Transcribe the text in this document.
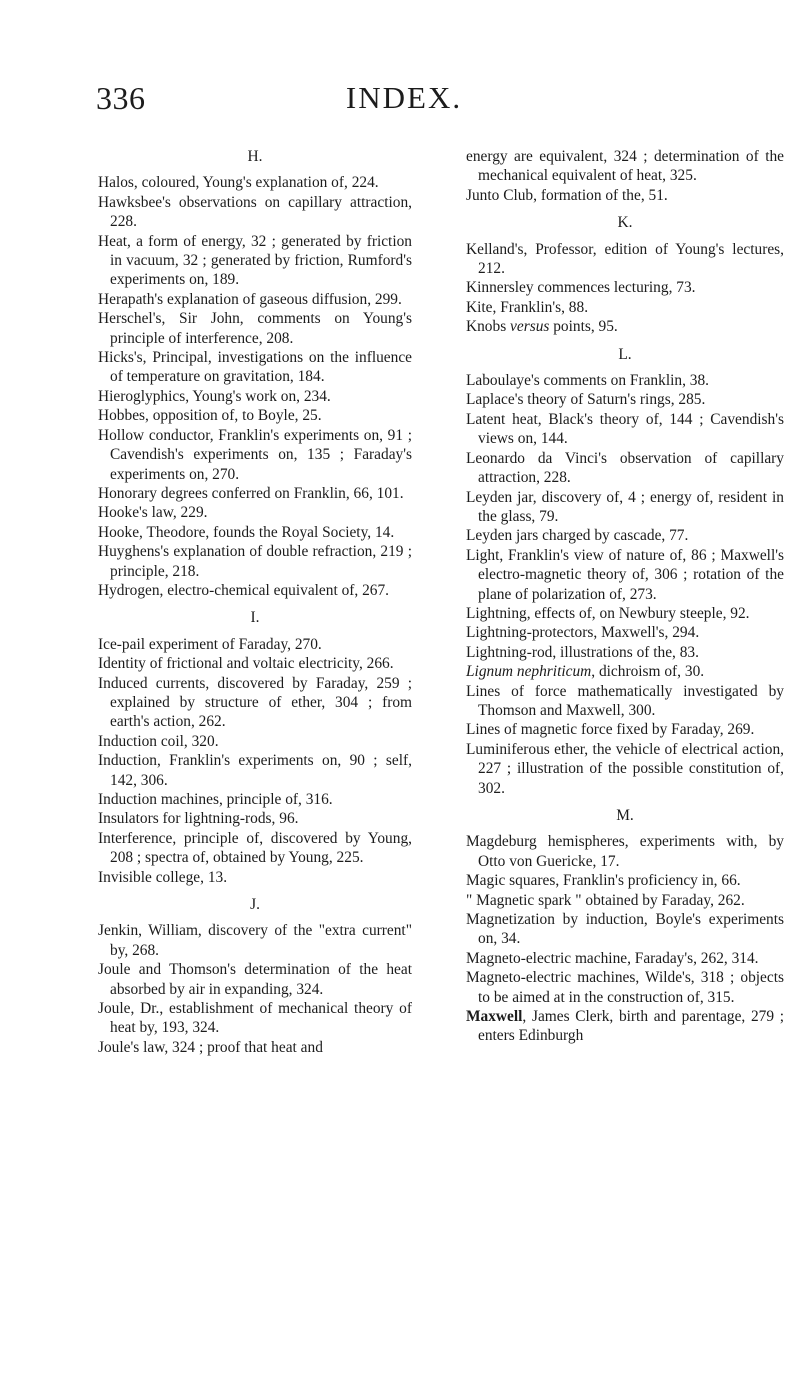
336	INDEX.
H.

Halos, coloured, Young's explanation of, 224.

Hawksbee's observations on capillary attraction, 228.

Heat, a form of energy, 32 ; generated by friction in vacuum, 32 ; generated by friction, Rumford's experiments on, 189.

Herapath's explanation of gaseous diffusion, 299.

Herschel's, Sir John, comments on Young's principle of interference, 208.

Hicks's, Principal, investigations on the influence of temperature on gravitation, 184.

Hieroglyphics, Young's work on, 234.

Hobbes, opposition of, to Boyle, 25.

Hollow conductor, Franklin's experiments on, 91 ; Cavendish's experiments on, 135 ; Faraday's experiments on, 270.

Honorary degrees conferred on Franklin, 66, 101.

Hooke's law, 229.

Hooke, Theodore, founds the Royal Society, 14.

Huyghens's explanation of double refraction, 219 ; principle, 218.

Hydrogen, electro-chemical equivalent of, 267.

I.

Ice-pail experiment of Faraday, 270.

Identity of frictional and voltaic electricity, 266.

Induced currents, discovered by Faraday, 259 ; explained by structure of ether, 304 ; from earth's action, 262.

Induction coil, 320.

Induction, Franklin's experiments on, 90 ; self, 142, 306.

Induction machines, principle of, 316.

Insulators for lightning-rods, 96.

Interference, principle of, discovered by Young, 208 ; spectra of, obtained by Young, 225.

Invisible college, 13.

J.

Jenkin, William, discovery of the "extra current" by, 268.

Joule and Thomson's determination of the heat absorbed by air in expanding, 324.

Joule, Dr., establishment of mechanical theory of heat by, 193, 324.

Joule's law, 324 ; proof that heat and

energy are equivalent, 324 ; determination of the mechanical equivalent of heat, 325.

Junto Club, formation of the, 51.

K.

Kelland's, Professor, edition of Young's lectures, 212.

Kinnersley commences lecturing, 73.

Kite, Franklin's, 88.

Knobs versus points, 95.

L.

Laboulaye's comments on Franklin, 38.

Laplace's theory of Saturn's rings, 285.

Latent heat, Black's theory of, 144 ; Cavendish's views on, 144.

Leonardo da Vinci's observation of capillary attraction, 228.

Leyden jar, discovery of, 4 ; energy of, resident in the glass, 79.

Leyden jars charged by cascade, 77.

Light, Franklin's view of nature of, 86 ; Maxwell's electro-magnetic theory of, 306 ; rotation of the plane of polarization of, 273.

Lightning, effects of, on Newbury steeple, 92.

Lightning-protectors, Maxwell's, 294.

Lightning-rod, illustrations of the, 83.

Lignum nephriticum, dichroism of, 30.

Lines of force mathematically investigated by Thomson and Maxwell, 300.

Lines of magnetic force fixed by Faraday, 269.

Luminiferous ether, the vehicle of electrical action, 227 ; illustration of the possible constitution of, 302.

M.

Magdeburg hemispheres, experiments with, by Otto von Guericke, 17.

Magic squares, Franklin's proficiency in, 66.

" Magnetic spark " obtained by Faraday, 262.

Magnetization by induction, Boyle's experiments on, 34.

Magneto-electric machine, Faraday's, 262, 314.

Magneto-electric machines, Wilde's, 318 ; objects to be aimed at in the construction of, 315.

Maxwell, James Clerk, birth and parentage, 279 ; enters Edinburgh
